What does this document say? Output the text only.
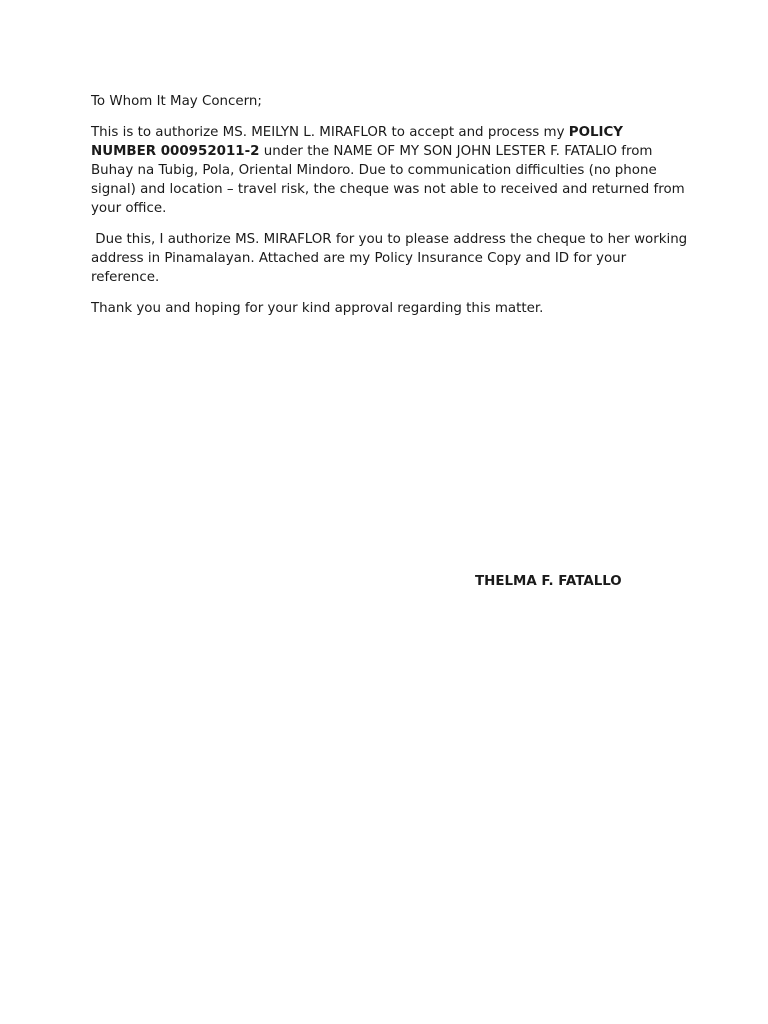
To Whom It May Concern;

This is to authorize MS. MEILYN L. MIRAFLOR to accept and process my POLICY NUMBER 000952011-2 under the NAME OF MY SON JOHN LESTER F. FATALIO from Buhay na Tubig, Pola, Oriental Mindoro. Due to communication difficulties (no phone signal) and location – travel risk, the cheque was not able to received and returned from your office.

Due this, I authorize MS. MIRAFLOR for you to please address the cheque to her working address in Pinamalayan. Attached are my Policy Insurance Copy and ID for your reference.

Thank you and hoping for your kind approval regarding this matter.

THELMA F. FATALLO
